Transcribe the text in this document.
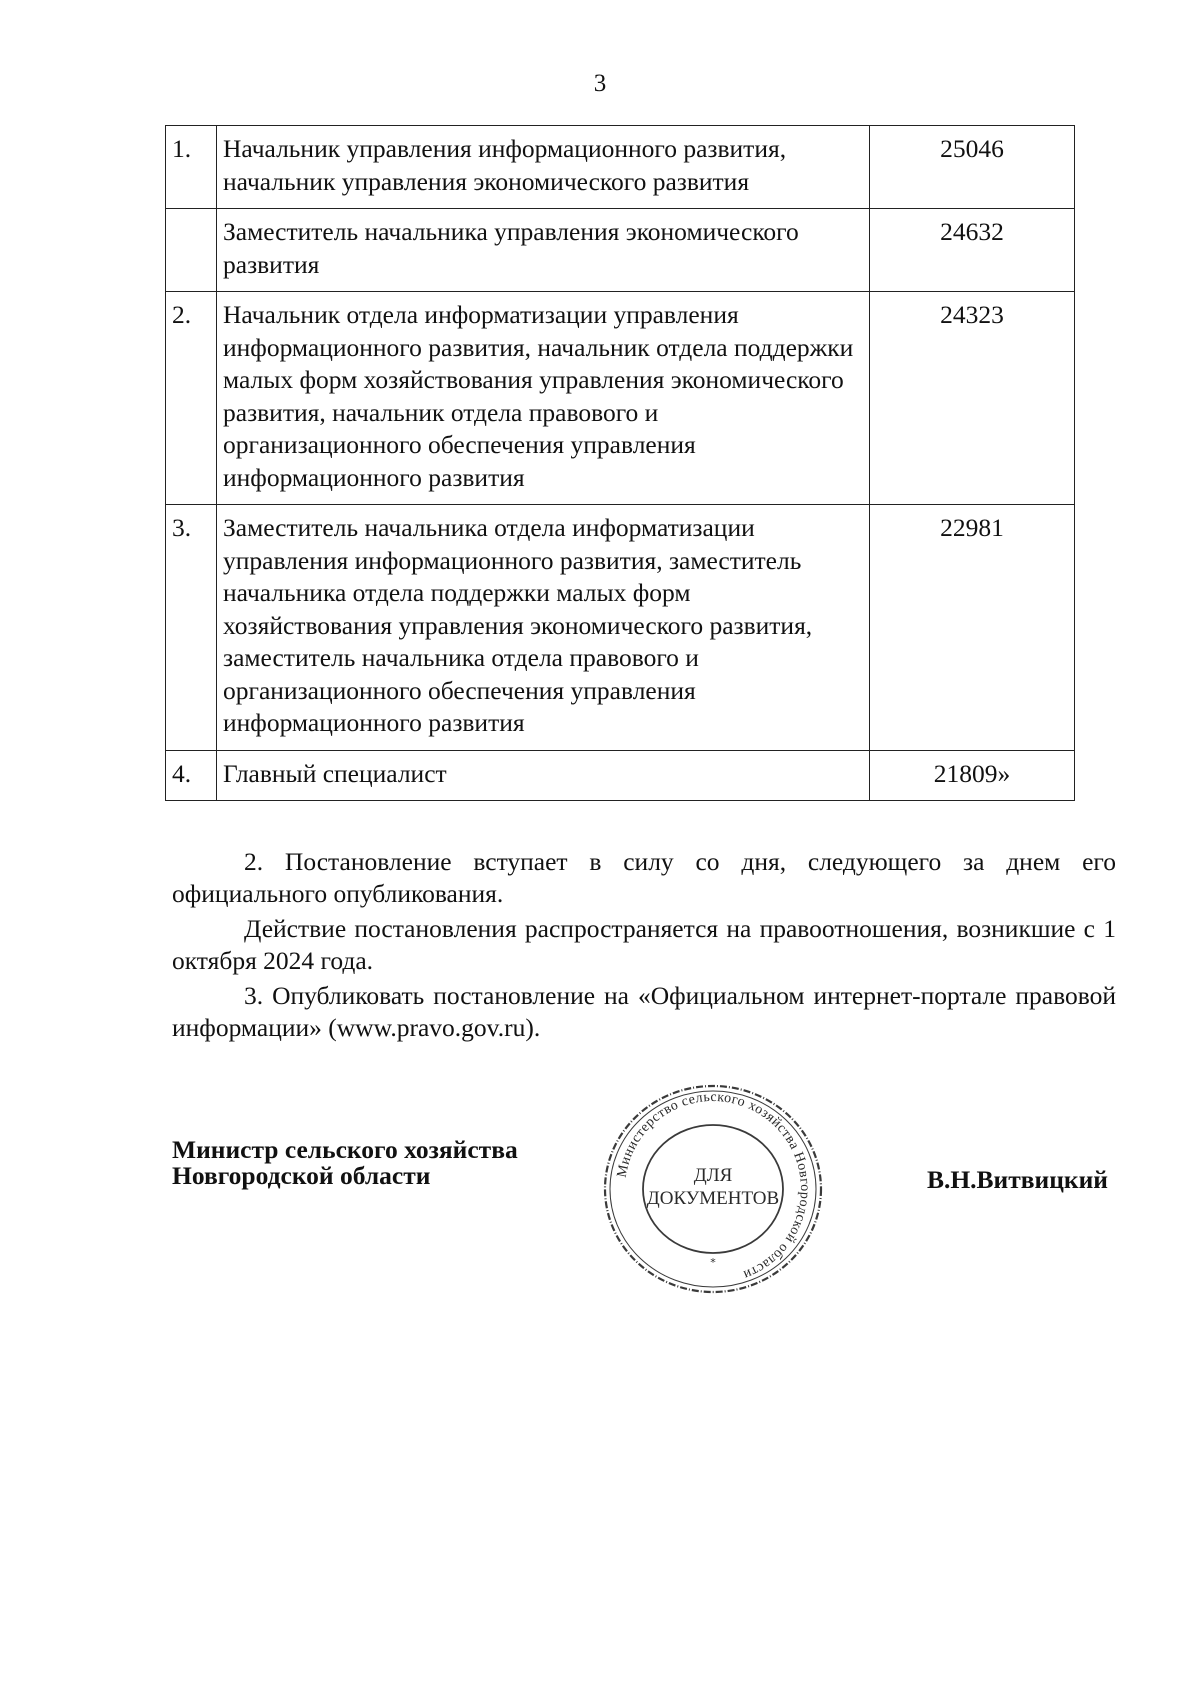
3
1.	Начальник управления информационного развития, начальник управления экономического развития	25046
	Заместитель начальника управления экономического развития	24632
2.	Начальник отдела информатизации управления информационного развития, начальник отдела поддержки малых форм хозяйствования управления экономического развития, начальник отдела правового и организационного обеспечения управления информационного развития	24323
3.	Заместитель начальника отдела информатизации управления информационного развития, заместитель начальника отдела поддержки малых форм хозяйствования управления экономического развития, заместитель начальника отдела правового и организационного обеспечения управления информационного развития	22981
4.	Главный специалист	21809»

2. Постановление вступает в силу со дня, следующего за днем его официального опубликования.

Действие постановления распространяется на правоотношения, возникшие с 1 октября 2024 года.

3. Опубликовать постановление на «Официальном интернет-портале правовой информации» (www.pravo.gov.ru).

Министр сельского хозяйства
Новгородской области	В.Н.Витвицкий
Министерство сельского хозяйства Новгородской области
ДЛЯ
ДОКУМЕНТОВ
*
